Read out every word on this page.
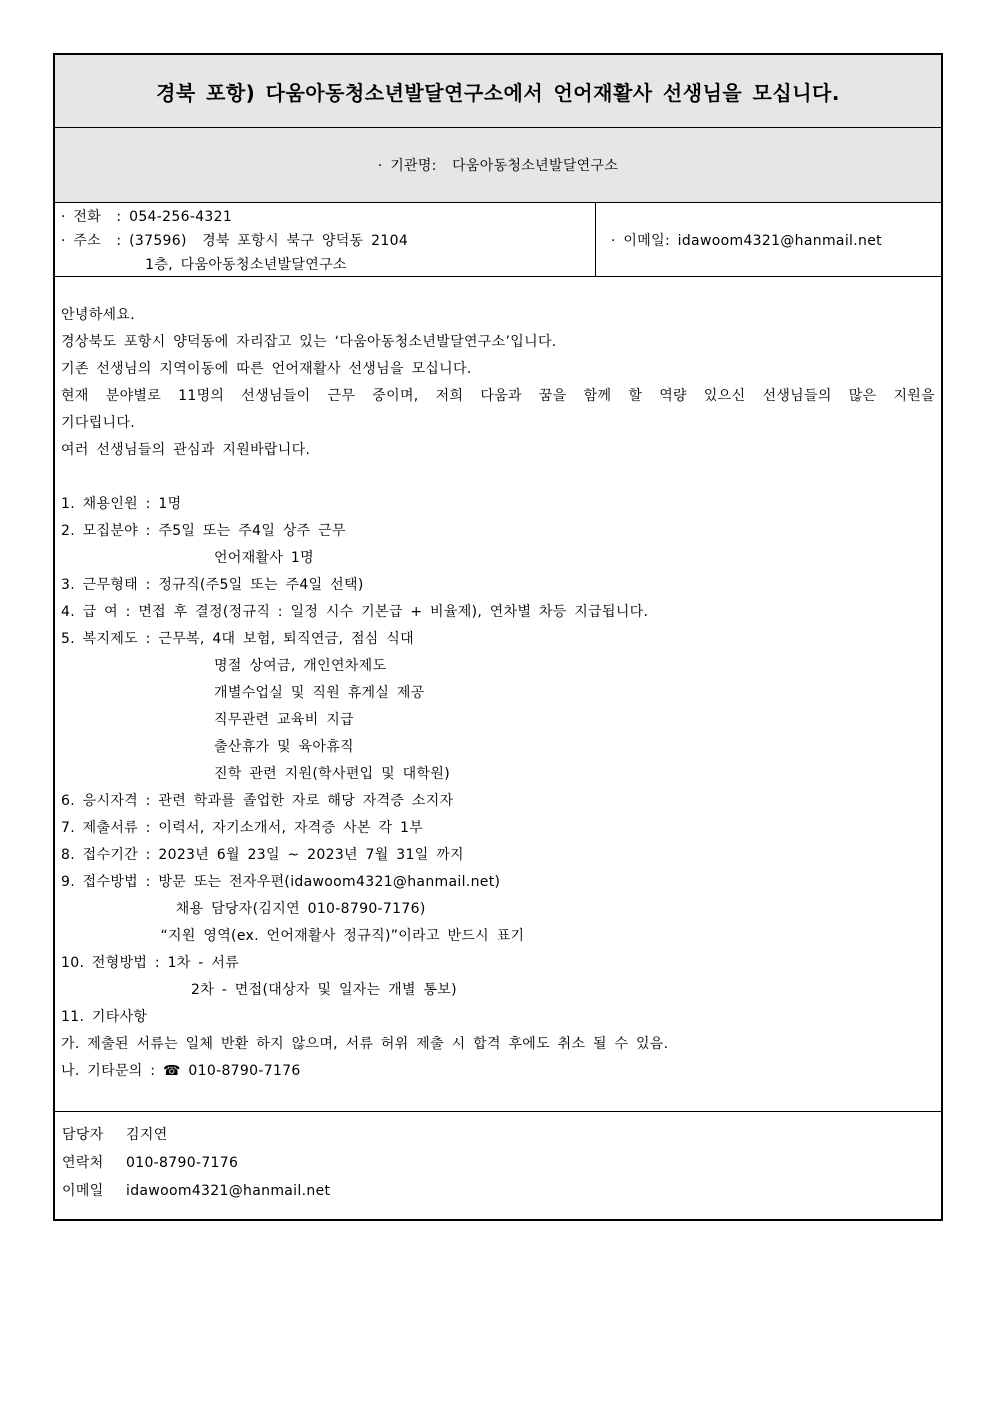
경북 포항) 다움아동청소년발달연구소에서 언어재활사 선생님을 모십니다.
· 기관명:  다움아동청소년발달연구소
· 전화  : 054-256-4321
· 주소  : (37596)  경북 포항시 북구 양덕동 2104
1층, 다움아동청소년발달연구소
· 이메일: idawoom4321@hanmail.net
안녕하세요.
경상북도 포항시 양덕동에 자리잡고 있는 ‘다움아동청소년발달연구소’입니다.
기존 선생님의 지역이동에 따른 언어재활사 선생님을 모십니다.
현재 분야별로 11명의 선생님들이 근무 중이며, 저희 다움과 꿈을 함께 할 역량 있으신 선생님들의 많은 지원을
기다립니다.
여러 선생님들의 관심과 지원바랍니다.
1. 채용인원 : 1명
2. 모집분야 : 주5일 또는 주4일 상주 근무
언어재활사 1명
3. 근무형태 : 정규직(주5일 또는 주4일 선택)
4. 급 여 : 면접 후 결정(정규직 : 일정 시수 기본급 + 비율제), 연차별 차등 지급됩니다.
5. 복지제도 : 근무복, 4대 보험, 퇴직연금, 점심 식대
명절 상여금, 개인연차제도
개별수업실 및 직원 휴게실 제공
직무관련 교육비 지급
출산휴가 및 육아휴직
진학 관련 지원(학사편입 및 대학원)
6. 응시자격 : 관련 학과를 졸업한 자로 해당 자격증 소지자
7. 제출서류 : 이력서, 자기소개서, 자격증 사본 각 1부
8. 접수기간 : 2023년 6월 23일 ~ 2023년 7월 31일 까지
9. 접수방법 : 방문 또는 전자우편(idawoom4321@hanmail.net)
채용 담당자(김지연 010-8790-7176)
“지원 영역(ex. 언어재활사 정규직)”이라고 반드시 표기
10. 전형방법 : 1차 - 서류
2차 - 면접(대상자 및 일자는 개별 통보)
11. 기타사항
가. 제출된 서류는 일체 반환 하지 않으며, 서류 허위 제출 시 합격 후에도 취소 될 수 있음.
나. 기타문의 : ☎ 010-8790-7176
담당자	김지연
연락처	010-8790-7176
이메일	idawoom4321@hanmail.net
